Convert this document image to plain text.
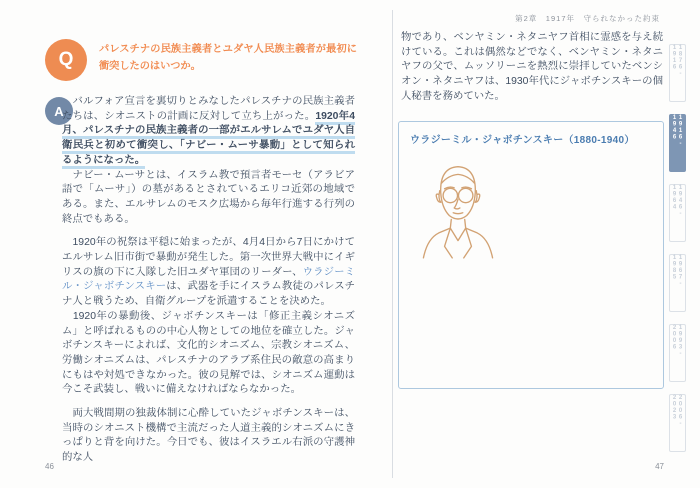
Q	パレスチナの民族主義者とユダヤ人民族主義者が最初に衝突したのはいつか。
A

　バルフォア宣言を裏切りとみなしたパレスチナの民族主義者たちは、シオニストの計画に反対して立ち上がった。1920年4月、パレスチナの民族主義者の一部がエルサレムでユダヤ人自衛民兵と初めて衝突し、「ナビー・ムーサ暴動」として知られるようになった。

　ナビー・ムーサとは、イスラム教で預言者モーセ（アラビア語で「ムーサ」）の墓があるとされているエリコ近郊の地域である。また、エルサレムのモスク広場から毎年行進する行列の終点でもある。

　1920年の祝祭は平穏に始まったが、4月4日から7日にかけてエルサレム旧市街で暴動が発生した。第一次世界大戦中にイギリスの旗の下に入隊した旧ユダヤ軍団のリーダー、ウラジーミル・ジャボチンスキーは、武器を手にイスラム教徒のパレスチナ人と戦うため、自衛グループを派遣することを決めた。

　1920年の暴動後、ジャボチンスキーは「修正主義シオニズム」と呼ばれるものの中心人物としての地位を確立した。ジャボチンスキーによれば、文化的シオニズム、宗教シオニズム、労働シオニズムは、パレスチナのアラブ系住民の敵意の高まりにもはや対処できなかった。彼の見解では、シオニズム運動は今こそ武装し、戦いに備えなければならなかった。

　両大戦間期の独裁体制に心酔していたジャボチンスキーは、当時のシオニスト機構で主流だった人道主義的シオニズムにきっぱりと背を向けた。今日でも、彼はイスラエル右派の守護神的な人

46
第2章　1917年　守られなかった約束

物であり、ベンヤミン・ネタニヤフ首相に霊感を与え続けている。これは偶然などでなく、ベンヤミン・ネタニヤフの父で、ムッソリーニを熱烈に崇拝していたベンシオン・ネタニヤフは、1930年代にジャボチンスキーの個人秘書を務めていた。

ウラジーミル・ジャボチンスキー（1880-1940）
47
1876-1916
1916-1946
1946-1964
1967-1985
1993-2006
2006-2023
